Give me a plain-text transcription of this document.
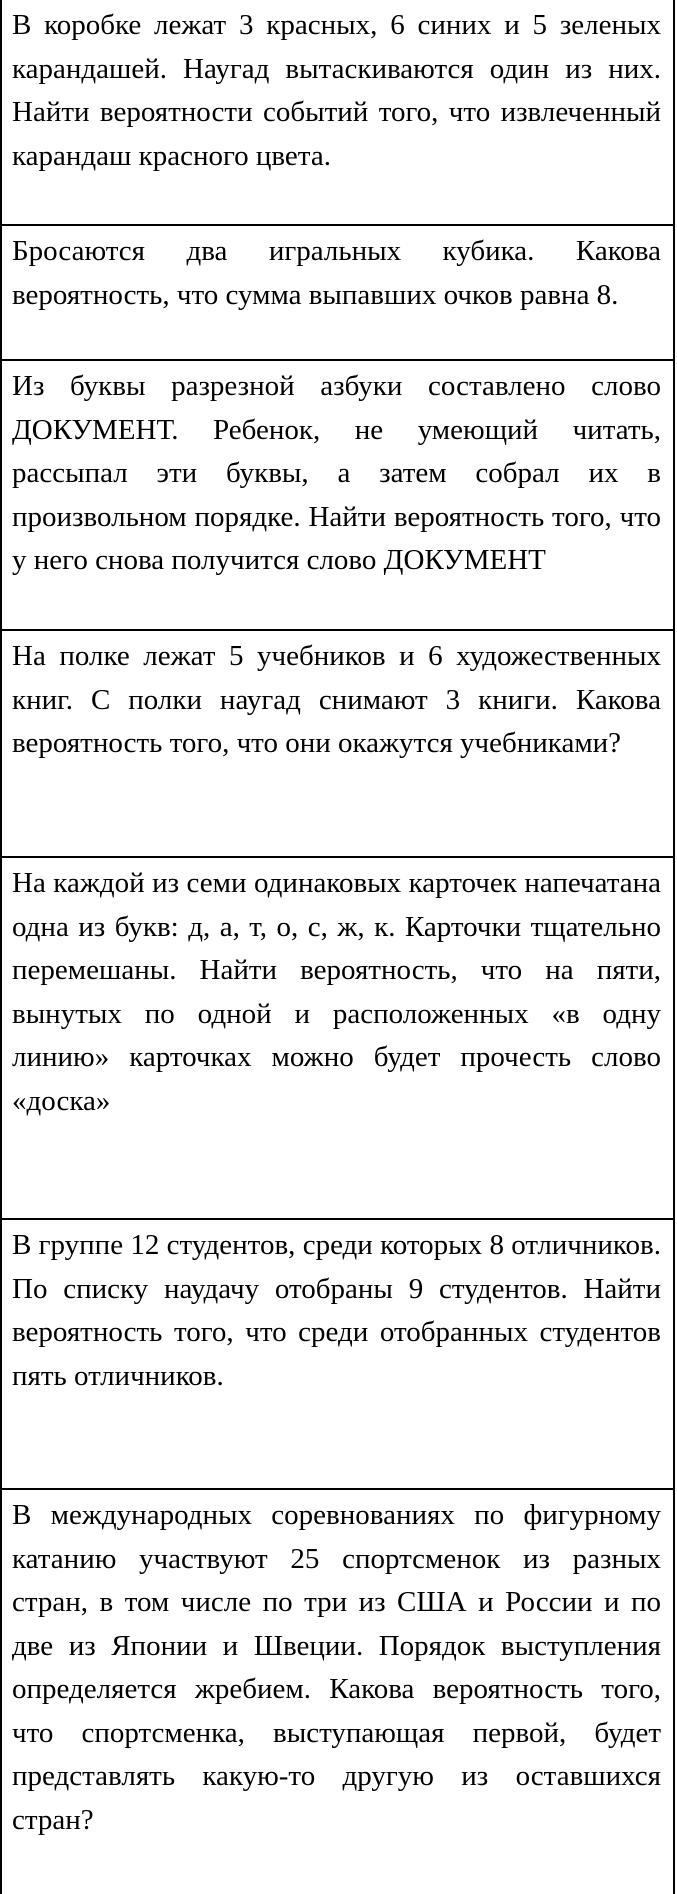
В коробке лежат 3 красных, 6 синих и 5 зеленых карандашей. Наугад вытаскиваются один из них. Найти вероятности событий того, что извлеченный карандаш красного цвета.
Бросаются два игральных кубика. Какова вероятность, что сумма выпавших очков равна 8.
Из буквы разрезной азбуки составлено слово ДОКУМЕНТ. Ребенок, не умеющий читать, рассыпал эти буквы, а затем собрал их в произвольном порядке. Найти вероятность того, что у него снова получится слово ДОКУМЕНТ
На полке лежат 5 учебников и 6 художественных книг. С полки наугад снимают 3 книги. Какова вероятность того, что они окажутся учебниками?
На каждой из семи одинаковых карточек напечатана одна из букв: д, а, т, о, с, ж, к. Карточки тщательно перемешаны. Найти вероятность, что на пяти, вынутых по одной и расположенных «в одну линию» карточках можно будет прочесть слово «доска»
В группе 12 студентов, среди которых 8 отличников. По списку наудачу отобраны 9 студентов. Найти вероятность того, что среди отобранных студентов пять отличников.
В международных соревнованиях по фигурному катанию участвуют 25 спортсменок из разных стран, в том числе по три из США и России и по две из Японии и Швеции. Порядок выступления определяется жребием. Какова вероятность того, что спортсменка, выступающая первой, будет представлять какую-то другую из оставшихся стран?
